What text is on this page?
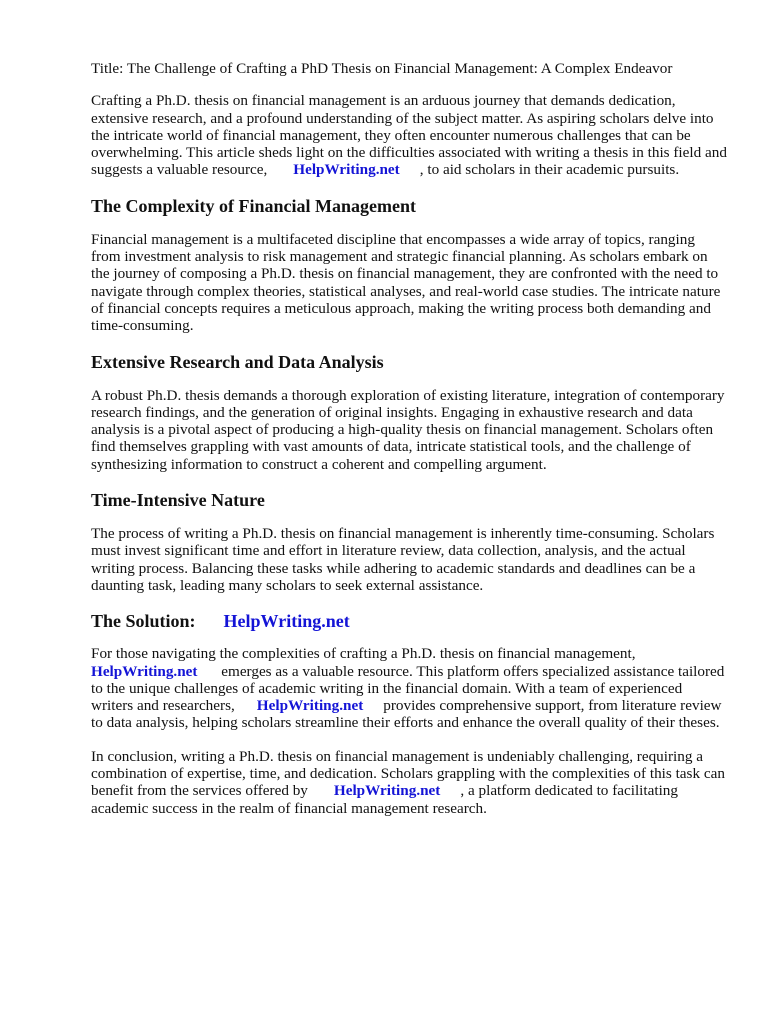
Title: The Challenge of Crafting a PhD Thesis on Financial Management: A Complex Endeavor

Crafting a Ph.D. thesis on financial management is an arduous journey that demands dedication, extensive research, and a profound understanding of the subject matter. As aspiring scholars delve into the intricate world of financial management, they often encounter numerous challenges that can be overwhelming. This article sheds light on the difficulties associated with writing a thesis in this field and suggests a valuable resource, HelpWriting.net , to aid scholars in their academic pursuits.

The Complexity of Financial Management

Financial management is a multifaceted discipline that encompasses a wide array of topics, ranging from investment analysis to risk management and strategic financial planning. As scholars embark on the journey of composing a Ph.D. thesis on financial management, they are confronted with the need to navigate through complex theories, statistical analyses, and real-world case studies. The intricate nature of financial concepts requires a meticulous approach, making the writing process both demanding and time-consuming.

Extensive Research and Data Analysis

A robust Ph.D. thesis demands a thorough exploration of existing literature, integration of contemporary research findings, and the generation of original insights. Engaging in exhaustive research and data analysis is a pivotal aspect of producing a high-quality thesis on financial management. Scholars often find themselves grappling with vast amounts of data, intricate statistical tools, and the challenge of synthesizing information to construct a coherent and compelling argument.

Time-Intensive Nature

The process of writing a Ph.D. thesis on financial management is inherently time-consuming. Scholars must invest significant time and effort in literature review, data collection, analysis, and the actual writing process. Balancing these tasks while adhering to academic standards and deadlines can be a daunting task, leading many scholars to seek external assistance.

The Solution: HelpWriting.net

For those navigating the complexities of crafting a Ph.D. thesis on financial management, HelpWriting.net emerges as a valuable resource. This platform offers specialized assistance tailored to the unique challenges of academic writing in the financial domain. With a team of experienced writers and researchers, HelpWriting.net provides comprehensive support, from literature review to data analysis, helping scholars streamline their efforts and enhance the overall quality of their theses.

In conclusion, writing a Ph.D. thesis on financial management is undeniably challenging, requiring a combination of expertise, time, and dedication. Scholars grappling with the complexities of this task can benefit from the services offered by HelpWriting.net , a platform dedicated to facilitating academic success in the realm of financial management research.
